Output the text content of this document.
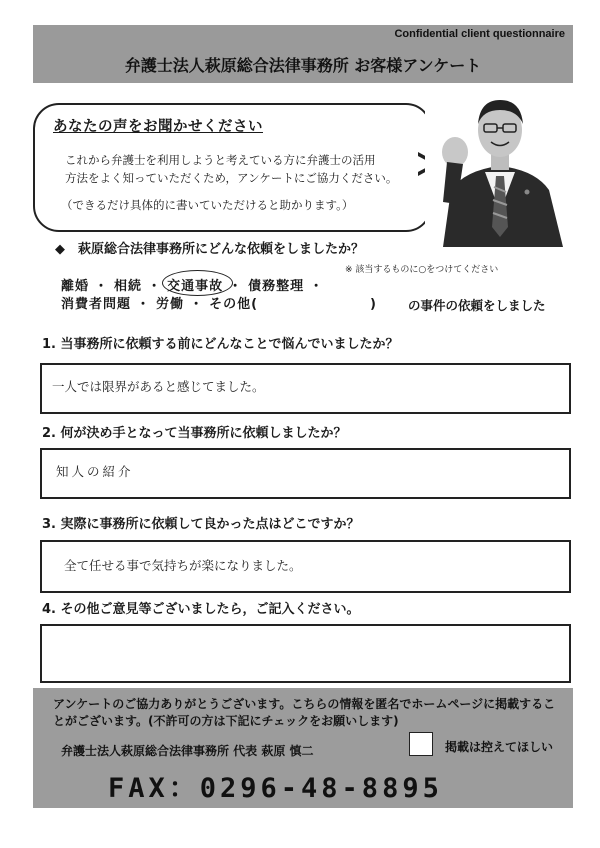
Confidential client questionnaire
弁護士法人萩原総合法律事務所 お客様アンケート
あなたの声をお聞かせください
これから弁護士を利用しようと考えている方に弁護士の活用
方法をよく知っていただくため，アンケートにご協力ください。
（できるだけ具体的に書いていただけると助かります。）
◆　萩原総合法律事務所にどんな依頼をしましたか？
※ 該当するものに○をつけてください
離婚 ・ 相続 ・ 交通事故 ・ 債務整理 ・
消費者問題 ・ 労働 ・ その他(　　　　　　　　) の事件の依頼をしました
1. 当事務所に依頼する前にどんなことで悩んでいましたか？
一人では限界があると感じてました。
2. 何が決め手となって当事務所に依頼しましたか？
知人の紹介
3. 実際に事務所に依頼して良かった点はどこですか？
全て任せる事で気持ちが楽になりました。
4. その他ご意見等ございましたら，ご記入ください。
アンケートのご協力ありがとうございます。こちらの情報を匿名でホームページに掲載することがございます。(不許可の方は下記にチェックをお願いします)
弁護士法人萩原総合法律事務所 代表 萩原 慎二	掲載は控えてほしい
FAX：0296-48-8895
